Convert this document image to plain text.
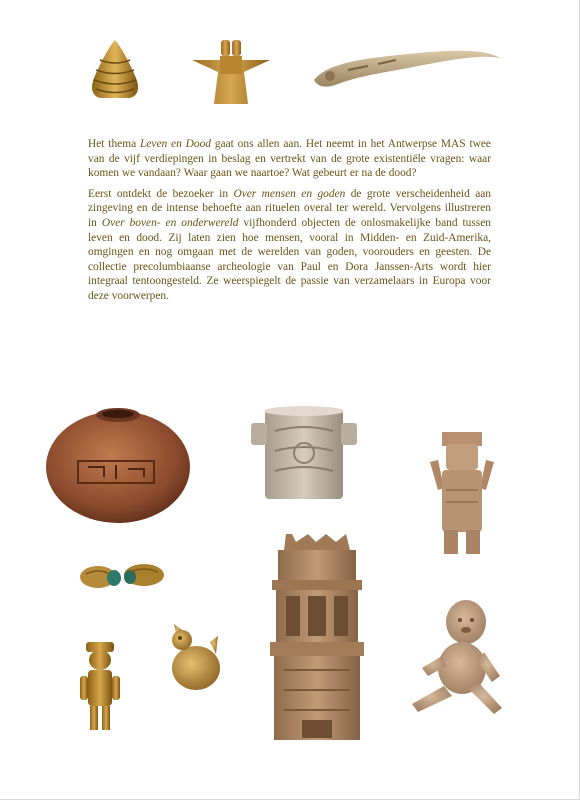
Het thema Leven en Dood gaat ons allen aan. Het neemt in het Antwerpse MAS twee van de vijf verdiepingen in beslag en vertrekt van de grote existentiële vragen: waar komen we vandaan? Waar gaan we naartoe? Wat gebeurt er na de dood?

Eerst ontdekt de bezoeker in Over mensen en goden de grote verscheidenheid aan zingeving en de intense behoefte aan rituelen overal ter wereld. Vervolgens illustreren in Over boven- en onderwereld vijfhonderd objecten de onlosmakelijke band tussen leven en dood. Zij laten zien hoe mensen, vooral in Midden- en Zuid-Amerika, omgingen en nog omgaan met de werelden van goden, voorouders en geesten. De collectie precolumbiaanse archeologie van Paul en Dora Janssen-Arts wordt hier integraal tentoongesteld. Ze weerspiegelt de passie van verzamelaars in Europa voor deze voorwerpen.
